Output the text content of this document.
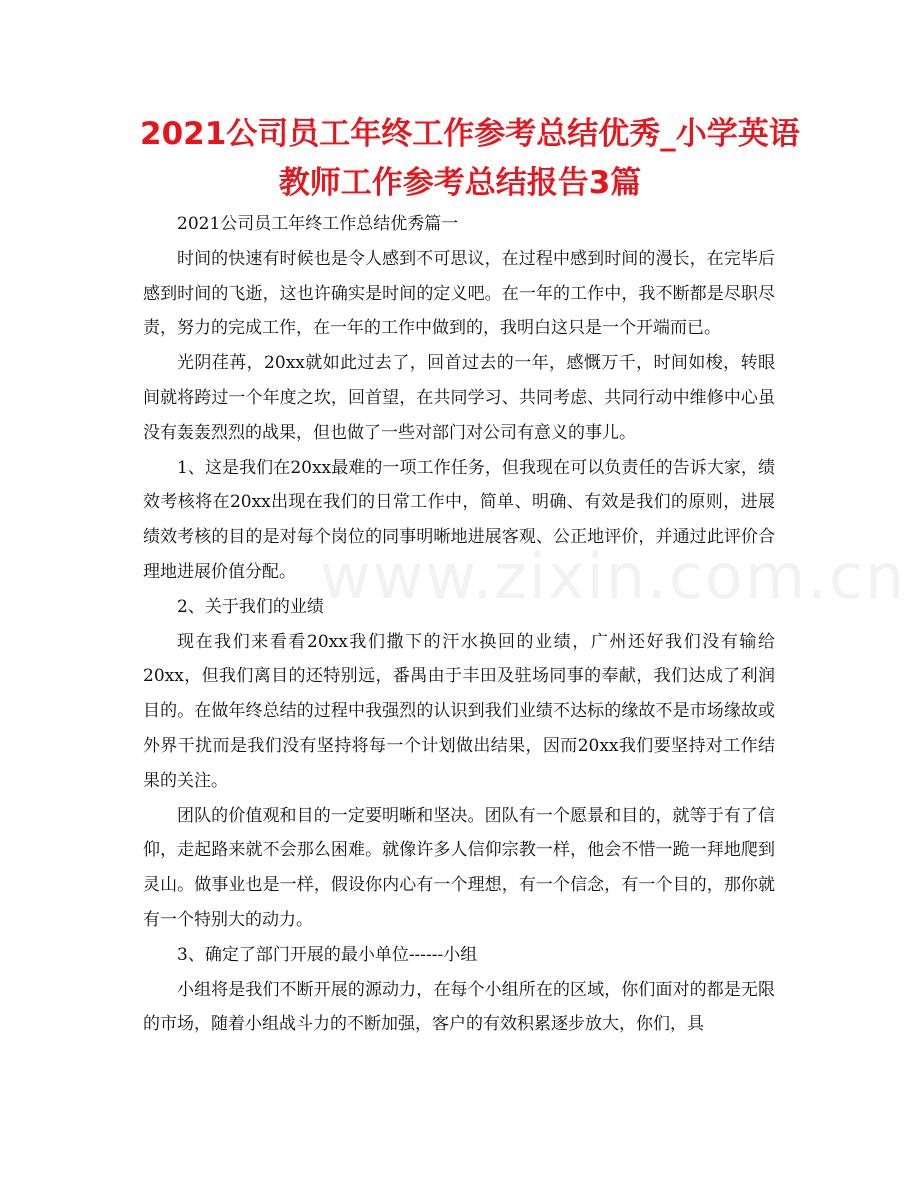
2021公司员工年终工作参考总结优秀_小学英语
教师工作参考总结报告3篇

2021公司员工年终工作总结优秀篇一

时间的快速有时候也是令人感到不可思议，在过程中感到时间的漫长，在完毕后感到时间的飞逝，这也许确实是时间的定义吧。在一年的工作中，我不断都是尽职尽责，努力的完成工作，在一年的工作中做到的，我明白这只是一个开端而已。

光阴荏苒，20xx就如此过去了，回首过去的一年，感慨万千，时间如梭，转眼间就将跨过一个年度之坎，回首望，在共同学习、共同考虑、共同行动中维修中心虽没有轰轰烈烈的战果，但也做了一些对部门对公司有意义的事儿。

1、这是我们在20xx最难的一项工作任务，但我现在可以负责任的告诉大家，绩效考核将在20xx出现在我们的日常工作中，简单、明确、有效是我们的原则，进展绩效考核的目的是对每个岗位的同事明晰地进展客观、公正地评价，并通过此评价合理地进展价值分配。

2、关于我们的业绩

现在我们来看看20xx我们撒下的汗水换回的业绩，广州还好我们没有输给20xx，但我们离目的还特别远，番禺由于丰田及驻场同事的奉献，我们达成了利润目的。在做年终总结的过程中我强烈的认识到我们业绩不达标的缘故不是市场缘故或外界干扰而是我们没有坚持将每一个计划做出结果，因而20xx我们要坚持对工作结果的关注。

团队的价值观和目的一定要明晰和坚决。团队有一个愿景和目的，就等于有了信仰，走起路来就不会那么困难。就像许多人信仰宗教一样，他会不惜一跪一拜地爬到灵山。做事业也是一样，假设你内心有一个理想，有一个信念，有一个目的，那你就有一个特别大的动力。

3、确定了部门开展的最小单位------小组

小组将是我们不断开展的源动力，在每个小组所在的区域，你们面对的都是无限的市场，随着小组战斗力的不断加强，客户的有效积累逐步放大，你们，具

www.zixin.com.cn
